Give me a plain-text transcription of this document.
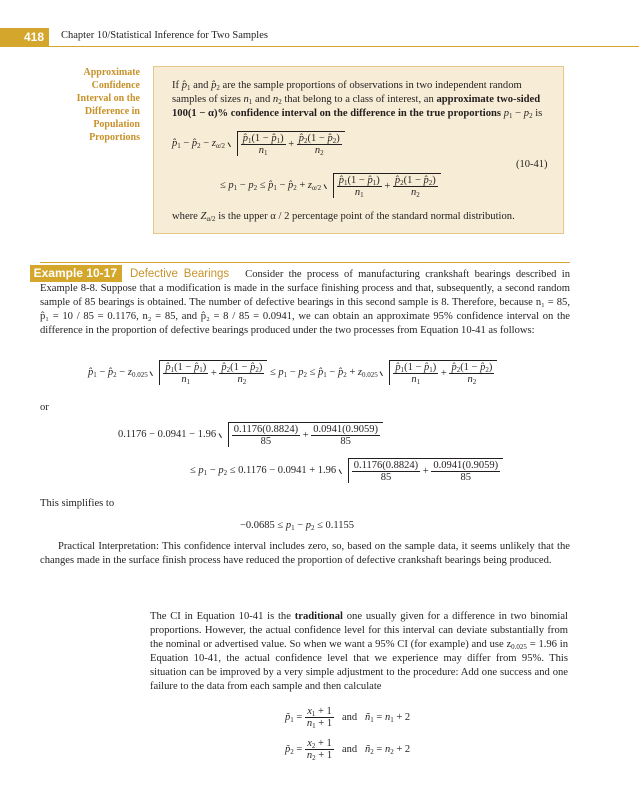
418	Chapter 10/Statistical Inference for Two Samples
Approximate
Confidence
Interval on the
Difference in
Population
Proportions
If $p̂_1$ and $p̂_2$ are the sample proportions of observations in two independent random samples of sizes $n_1$ and $n_2$ that belong to a class of interest, an approximate two-sided 100(1 − α)% confidence interval on the difference in the true proportions $p_1 - p_2$ is
$p̂_1$ − $p̂_2 - z_{\alpha/2} \frac{p̂_1(1 - p̂_1)}{n_1} + \frac{p̂_2(1 - p̂_2)}{n_2}$
(10-41)
≤ $p_1 - p_2$ ≤ $p̂_1$ − $p̂_2 + z_{\alpha/2} \frac{p̂_1(1 - p̂_1)}{n_1} + \frac{p̂_2(1 - p̂_2)}{n_2}$
where $Z_{\alpha/2}$ is the upper α / 2 percentage point of the standard normal distribution.
Example 10-17	Defective Bearings Consider the process of manufacturing crankshaft bearings described in Example 8-8. Suppose that a modification is made in the surface finishing process and that, subsequently, a second random sample of 85 bearings is obtained. The number of defective bearings in this second sample is 8. Therefore, because n₁ = 85, p̂₁ = 10 / 85 = 0.1176, n₂ = 85, and p̂₂ = 8 / 85 = 0.0941, we can obtain an approximate 95% confidence interval on the difference in the proportion of defective bearings produced under the two processes from Equation 10-41 as follows:
$p̂_1$ − $p̂_2 - z_{0.025} \frac{p̂_1(1 - p̂_1)}{n_1} + \frac{p̂_2(1 - p̂_2)}{n_2} \le p_1 - p_2$ ≤ $p̂_1$ − $p̂_2 + z_{0.025} \frac{p̂_1(1 - p̂_1)}{n_1} + \frac{p̂_2(1 - p̂_2)}{n_2}$
or
$0.1176 - 0.0941 - 1.96 \frac{0.1176(0.8824)}{85} + \frac{0.0941(0.9059)}{85}$
≤ $p_1 - p_2 \le 0.1176 - 0.0941 + 1.96 \frac{0.1176(0.8824)}{85} + \frac{0.0941(0.9059)}{85}$
This simplifies to
$-0.0685 \le p_1 - p_2 \le 0.1155$
Practical Interpretation: This confidence interval includes zero, so, based on the sample data, it seems unlikely that the changes made in the surface finish process have reduced the proportion of defective crankshaft bearings being produced.
The CI in Equation 10-41 is the traditional one usually given for a difference in two binomial proportions. However, the actual confidence level for this interval can deviate substantially from the nominal or advertised value. So when we want a 95% CI (for example) and use $z_{0.025} = 1.96$ in Equation 10-41, the actual confidence level that we experience may differ from 95%. This situation can be improved by a very simple adjustment to the procedure: Add one success and one failure to the data from each sample and then calculate
$p̃_1 = \frac{x_1 + 1}{n_1 + 1}$ and $ñ_1 = n_1 + 2$
$p̃_2 = \frac{x_2 + 1}{n_2 + 1}$ and $ñ_2 = n_2 + 2$
